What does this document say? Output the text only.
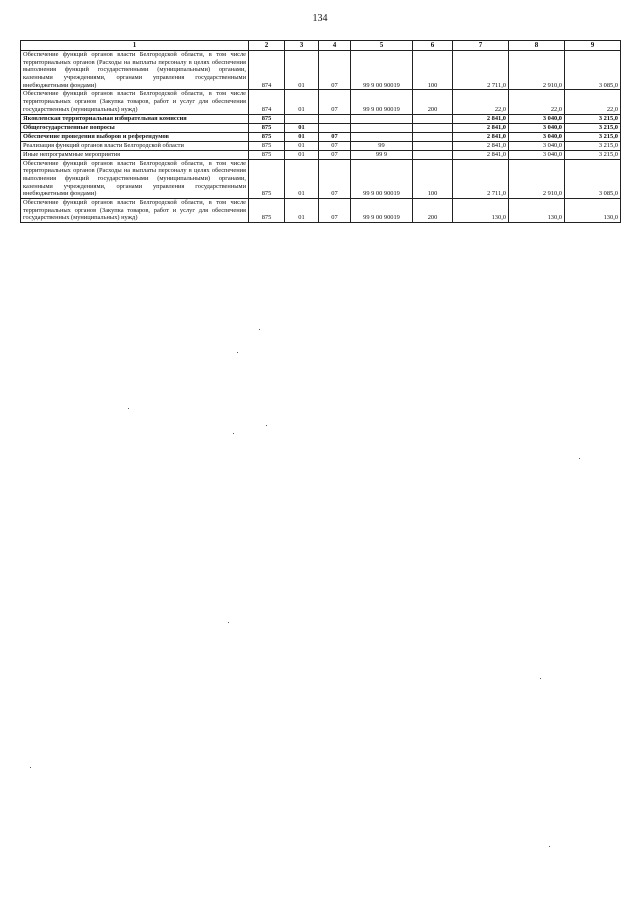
134
1	2	3	4	5	6	7	8	9
Обеспечение функций органов власти Белгородской области, в том числе территориальных органов (Расходы на выплаты персоналу в целях обеспечения выполнения функций государственными (муниципальными) органами, казенными учреждениями, органами управления государственными внебюджетными фондами)	874	01	07	99 9 00 90019	100	2 711,0	2 910,0	3 085,0
Обеспечение функций органов власти Белгородской области, в том числе территориальных органов (Закупка товаров, работ и услуг для обеспечения государственных (муниципальных) нужд)	874	01	07	99 9 00 90019	200	22,0	22,0	22,0
Яковлевская территориальная избирательная комиссия	875					2 841,0	3 040,0	3 215,0
Общегосударственные вопросы	875	01				2 841,0	3 040,0	3 215,0
Обеспечение проведения выборов и референдумов	875	01	07			2 841,0	3 040,0	3 215,0
Реализация функций органов власти Белгородской области	875	01	07	99		2 841,0	3 040,0	3 215,0
Иные непрограммные мероприятия	875	01	07	99 9		2 841,0	3 040,0	3 215,0
Обеспечение функций органов власти Белгородской области, в том числе территориальных органов (Расходы на выплаты персоналу в целях обеспечения выполнения функций государственными (муниципальными) органами, казенными учреждениями, органами управления государственными внебюджетными фондами)	875	01	07	99 9 00 90019	100	2 711,0	2 910,0	3 085,0
Обеспечение функций органов власти Белгородской области, в том числе территориальных органов (Закупка товаров, работ и услуг для обеспечения государственных (муниципальных) нужд)	875	01	07	99 9 00 90019	200	130,0	130,0	130,0
